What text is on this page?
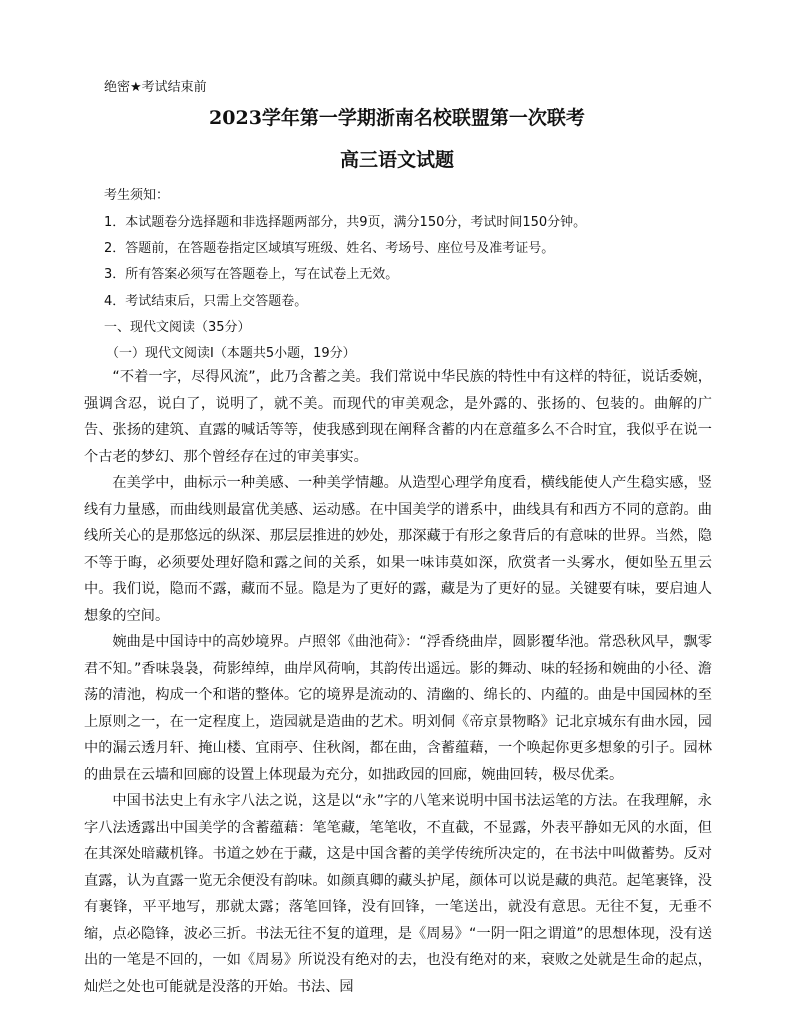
绝密★考试结束前
2023学年第一学期浙南名校联盟第一次联考
高三语文试题
考生须知：
1．本试题卷分选择题和非选择题两部分，共9页，满分150分，考试时间150分钟。
2．答题前，在答题卷指定区域填写班级、姓名、考场号、座位号及准考证号。
3．所有答案必须写在答题卷上，写在试卷上无效。
4．考试结束后，只需上交答题卷。
一、现代文阅读（35分）
（一）现代文阅读Ⅰ（本题共5小题，19分）

“不着一字，尽得风流”，此乃含蓄之美。我们常说中华民族的特性中有这样的特征，说话委婉，强调含忍，说白了，说明了，就不美。而现代的审美观念，是外露的、张扬的、包装的。曲解的广告、张扬的建筑、直露的喊话等等，使我感到现在阐释含蓄的内在意蕴多么不合时宜，我似乎在说一个古老的梦幻、那个曾经存在过的审美事实。

在美学中，曲标示一种美感、一种美学情趣。从造型心理学角度看，横线能使人产生稳实感，竖线有力量感，而曲线则最富优美感、运动感。在中国美学的谱系中，曲线具有和西方不同的意韵。曲线所关心的是那悠远的纵深、那层层推进的妙处，那深藏于有形之象背后的有意味的世界。当然，隐不等于晦，必须要处理好隐和露之间的关系，如果一味讳莫如深，欣赏者一头雾水，便如坠五里云中。我们说，隐而不露，藏而不显。隐是为了更好的露，藏是为了更好的显。关键要有味，要启迪人想象的空间。

婉曲是中国诗中的高妙境界。卢照邻《曲池荷》：“浮香绕曲岸，圆影覆华池。常恐秋风早，飘零君不知。”香味袅袅，荷影绰绰，曲岸风荷响，其韵传出遥远。影的舞动、味的轻扬和婉曲的小径、澹荡的清池，构成一个和谐的整体。它的境界是流动的、清幽的、绵长的、内蕴的。曲是中国园林的至上原则之一，在一定程度上，造园就是造曲的艺术。明刘侗《帝京景物略》记北京城东有曲水园，园中的漏云透月轩、掩山楼、宜雨亭、住秋阁，都在曲，含蓄蕴藉，一个唤起你更多想象的引子。园林的曲景在云墙和回廊的设置上体现最为充分，如拙政园的回廊，婉曲回转，极尽优柔。

中国书法史上有永字八法之说，这是以“永”字的八笔来说明中国书法运笔的方法。在我理解，永字八法透露出中国美学的含蓄蕴藉：笔笔藏，笔笔收，不直截，不显露，外表平静如无风的水面，但在其深处暗藏机锋。书道之妙在于藏，这是中国含蓄的美学传统所决定的，在书法中叫做蓄势。反对直露，认为直露一览无余便没有韵味。如颜真卿的藏头护尾，颜体可以说是藏的典范。起笔裹锋，没有裹锋，平平地写，那就太露；落笔回锋，没有回锋，一笔送出，就没有意思。无往不复，无垂不缩，点必隐锋，波必三折。书法无往不复的道理，是《周易》“一阴一阳之谓道”的思想体现，没有送出的一笔是不回的，一如《周易》所说没有绝对的去，也没有绝对的来，衰败之处就是生命的起点，灿烂之处也可能就是没落的开始。书法、园
